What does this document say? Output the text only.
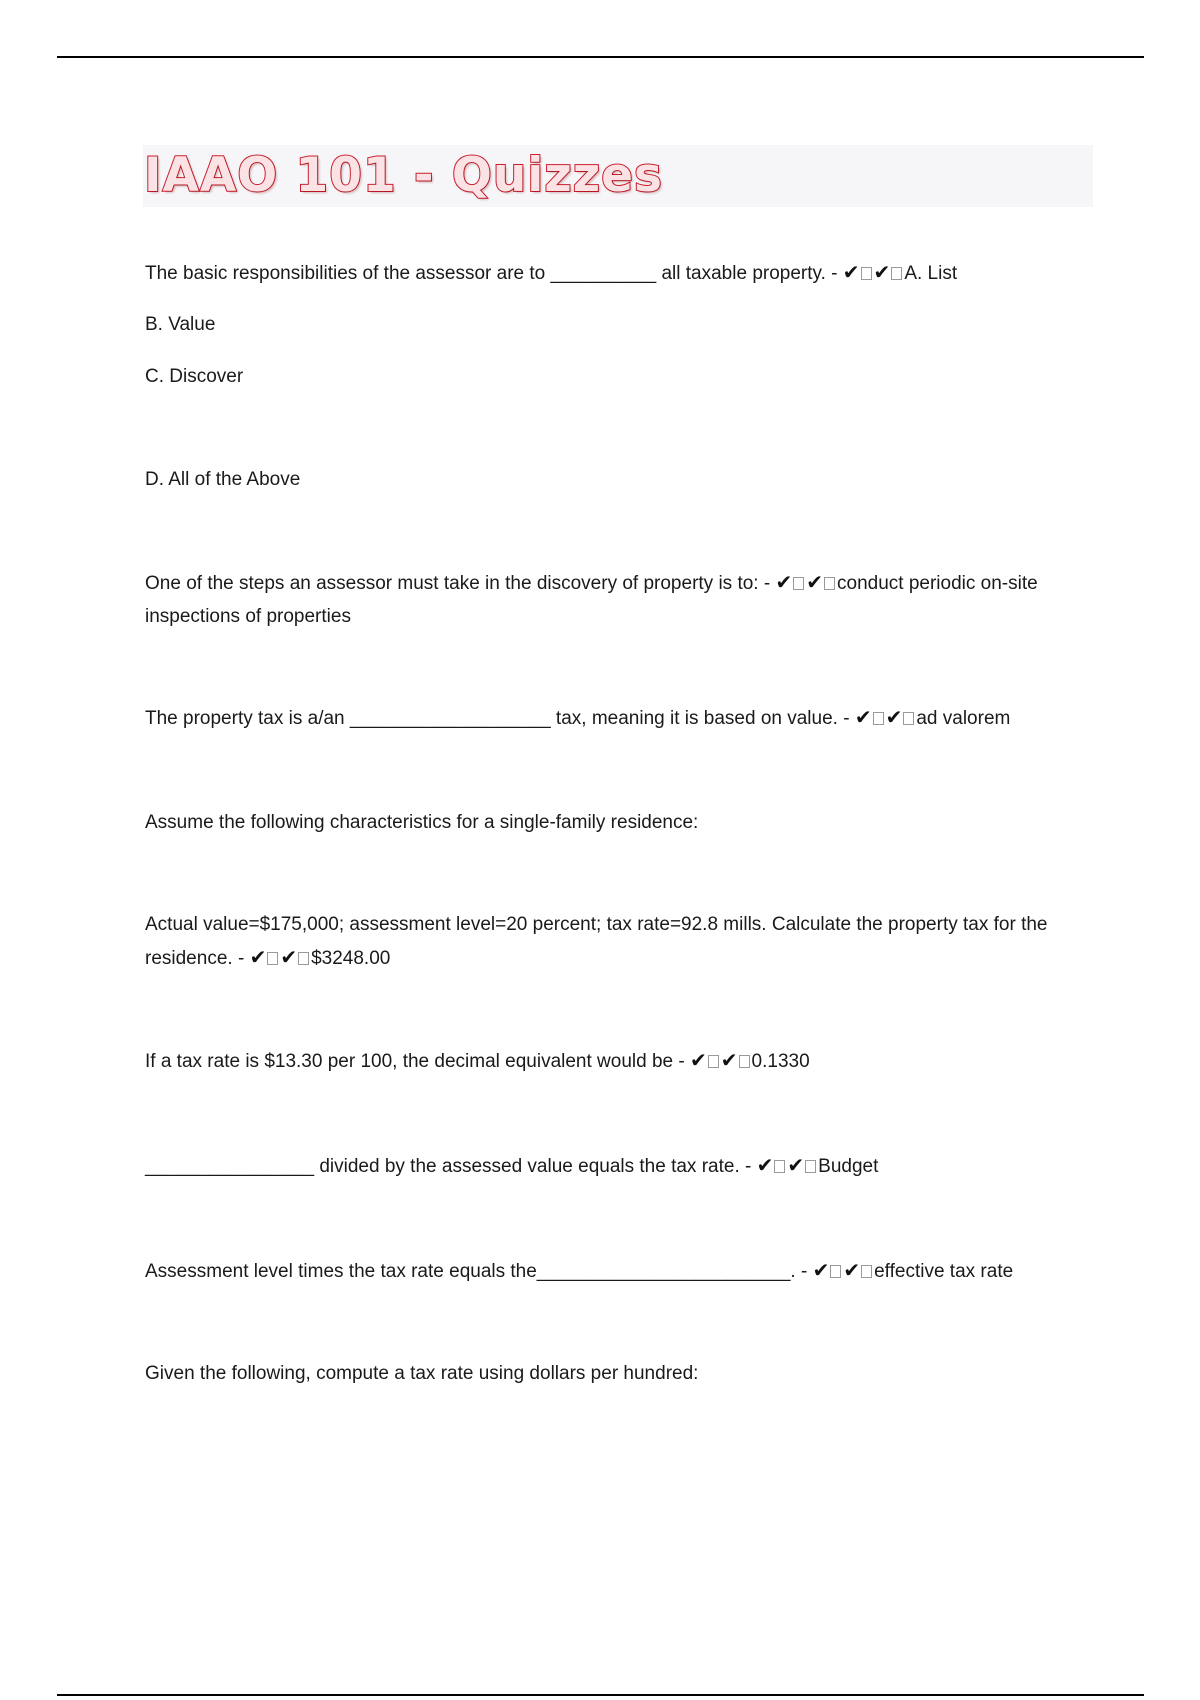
IAAO 101 - Quizzes

The basic responsibilities of the assessor are to __________ all taxable property. - ✔ ✔ A. List

B. Value

C. Discover

D. All of the Above

One of the steps an assessor must take in the discovery of property is to: - ✔ ✔ conduct periodic on-site inspections of properties

The property tax is a/an ___________________ tax, meaning it is based on value. - ✔ ✔ ad valorem

Assume the following characteristics for a single-family residence:

Actual value=$175,000; assessment level=20 percent; tax rate=92.8 mills. Calculate the property tax for the residence. - ✔ ✔ $3248.00

If a tax rate is $13.30 per 100, the decimal equivalent would be - ✔ ✔ 0.1330

________________ divided by the assessed value equals the tax rate. - ✔ ✔ Budget

Assessment level times the tax rate equals the________________________. - ✔ ✔ effective tax rate

Given the following, compute a tax rate using dollars per hundred:
